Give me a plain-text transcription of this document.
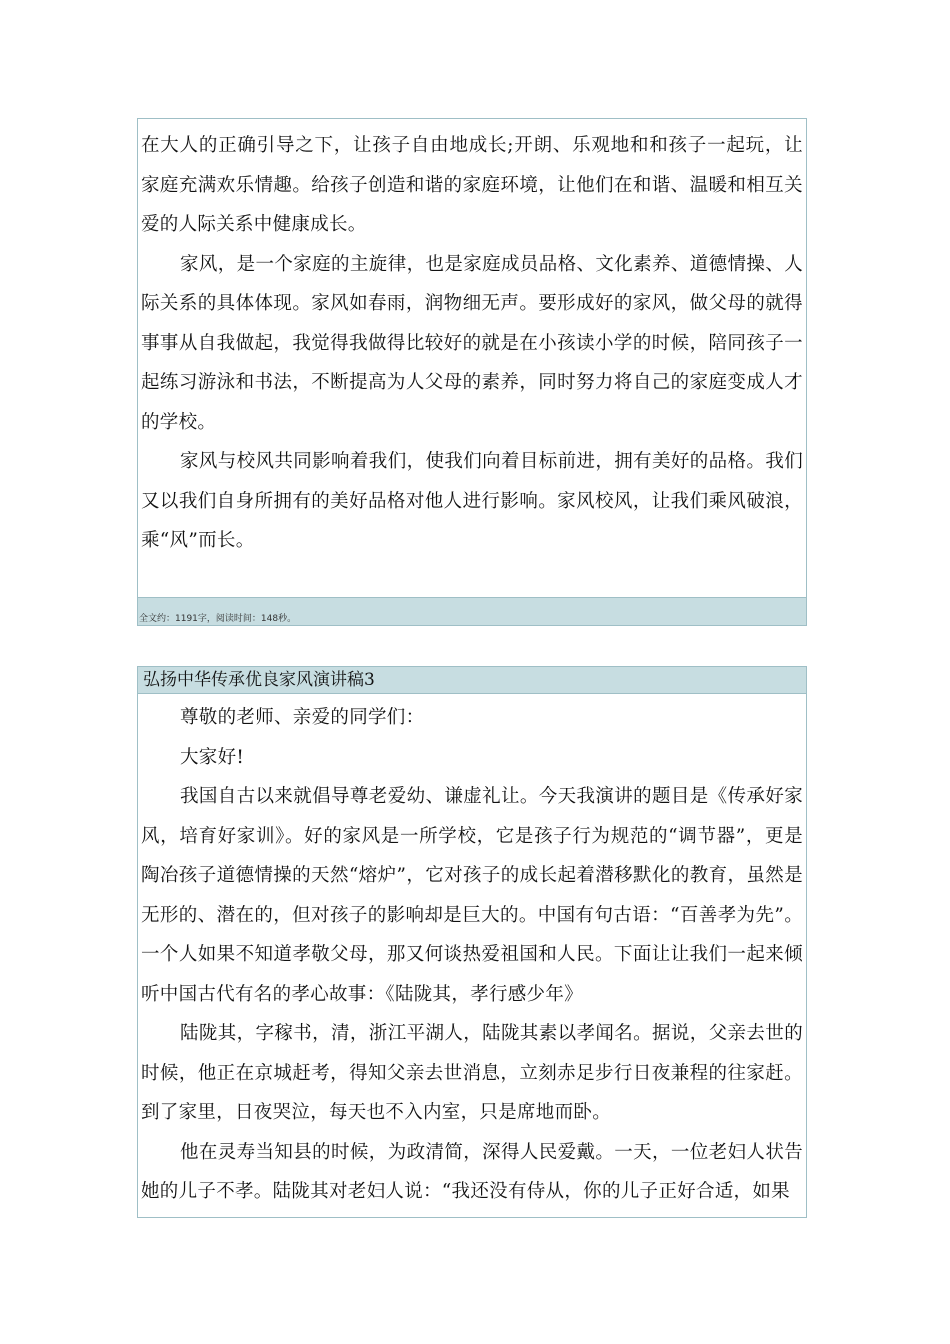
在大人的正确引导之下，让孩子自由地成长;开朗、乐观地和和孩子一起玩，让家庭充满欢乐情趣。给孩子创造和谐的家庭环境，让他们在和谐、温暖和相互关爱的人际关系中健康成长。

家风，是一个家庭的主旋律，也是家庭成员品格、文化素养、道德情操、人际关系的具体体现。家风如春雨，润物细无声。要形成好的家风，做父母的就得事事从自我做起，我觉得我做得比较好的就是在小孩读小学的时候，陪同孩子一起练习游泳和书法，不断提高为人父母的素养，同时努力将自己的家庭变成人才的学校。

家风与校风共同影响着我们，使我们向着目标前进，拥有美好的品格。我们又以我们自身所拥有的美好品格对他人进行影响。家风校风，让我们乘风破浪，乘“风”而长。

全文约：1191字，阅读时间：148秒。
弘扬中华传承优良家风演讲稿3

尊敬的老师、亲爱的同学们：

大家好!

我国自古以来就倡导尊老爱幼、谦虚礼让。今天我演讲的题目是《传承好家风，培育好家训》。好的家风是一所学校，它是孩子行为规范的“调节器”，更是陶冶孩子道德情操的天然“熔炉”，它对孩子的成长起着潜移默化的教育，虽然是无形的、潜在的，但对孩子的影响却是巨大的。中国有句古语：“百善孝为先”。一个人如果不知道孝敬父母，那又何谈热爱祖国和人民。下面让让我们一起来倾听中国古代有名的孝心故事：《陆陇其，孝行感少年》

陆陇其，字稼书，清，浙江平湖人，陆陇其素以孝闻名。据说，父亲去世的时候，他正在京城赶考，得知父亲去世消息，立刻赤足步行日夜兼程的往家赶。到了家里，日夜哭泣，每天也不入内室，只是席地而卧。

他在灵寿当知县的时候，为政清简，深得人民爱戴。一天，一位老妇人状告她的儿子不孝。陆陇其对老妇人说：“我还没有侍从，你的儿子正好合适，如果
